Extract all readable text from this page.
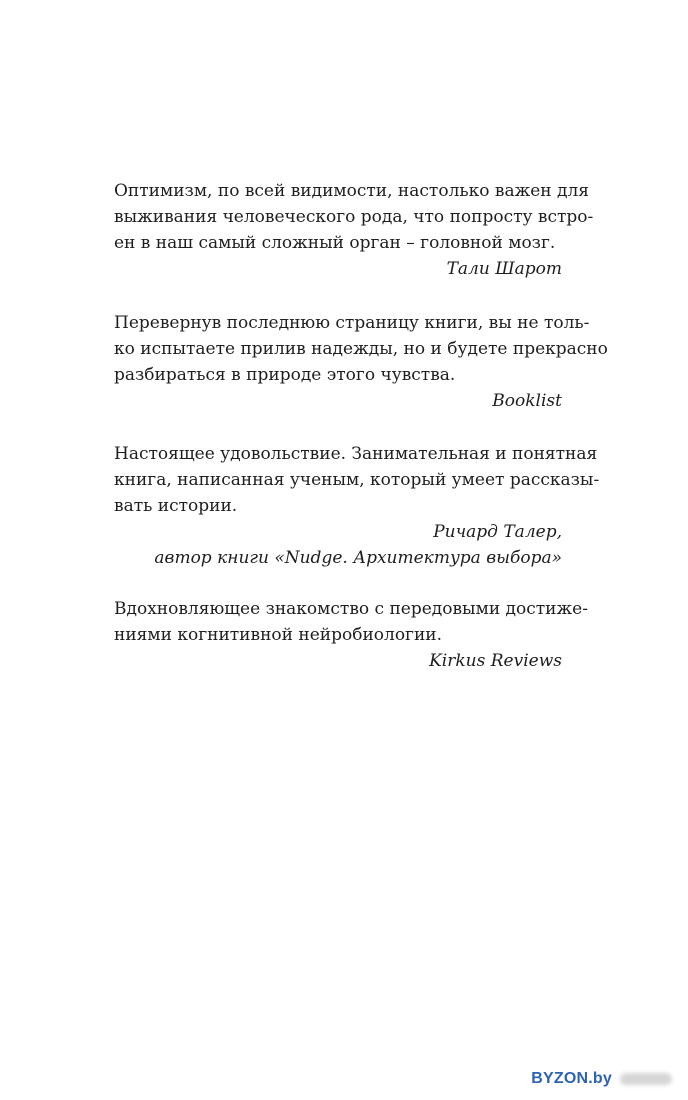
Оптимизм, по всей видимости, настолько важен для
выживания человеческого рода, что попросту встро-
ен в наш самый сложный орган – головной мозг.
Тали Шарот
Перевернув последнюю страницу книги, вы не толь-
ко испытаете прилив надежды, но и будете прекрасно
разбираться в природе этого чувства.
Booklist
Настоящее удовольствие. Занимательная и понятная
книга, написанная ученым, который умеет рассказы-
вать истории.
Ричард Талер,
автор книги «Nudge. Архитектура выбора»
Вдохновляющее знакомство с передовыми достиже-
ниями когнитивной нейробиологии.
Kirkus Reviews
BYZON.by
